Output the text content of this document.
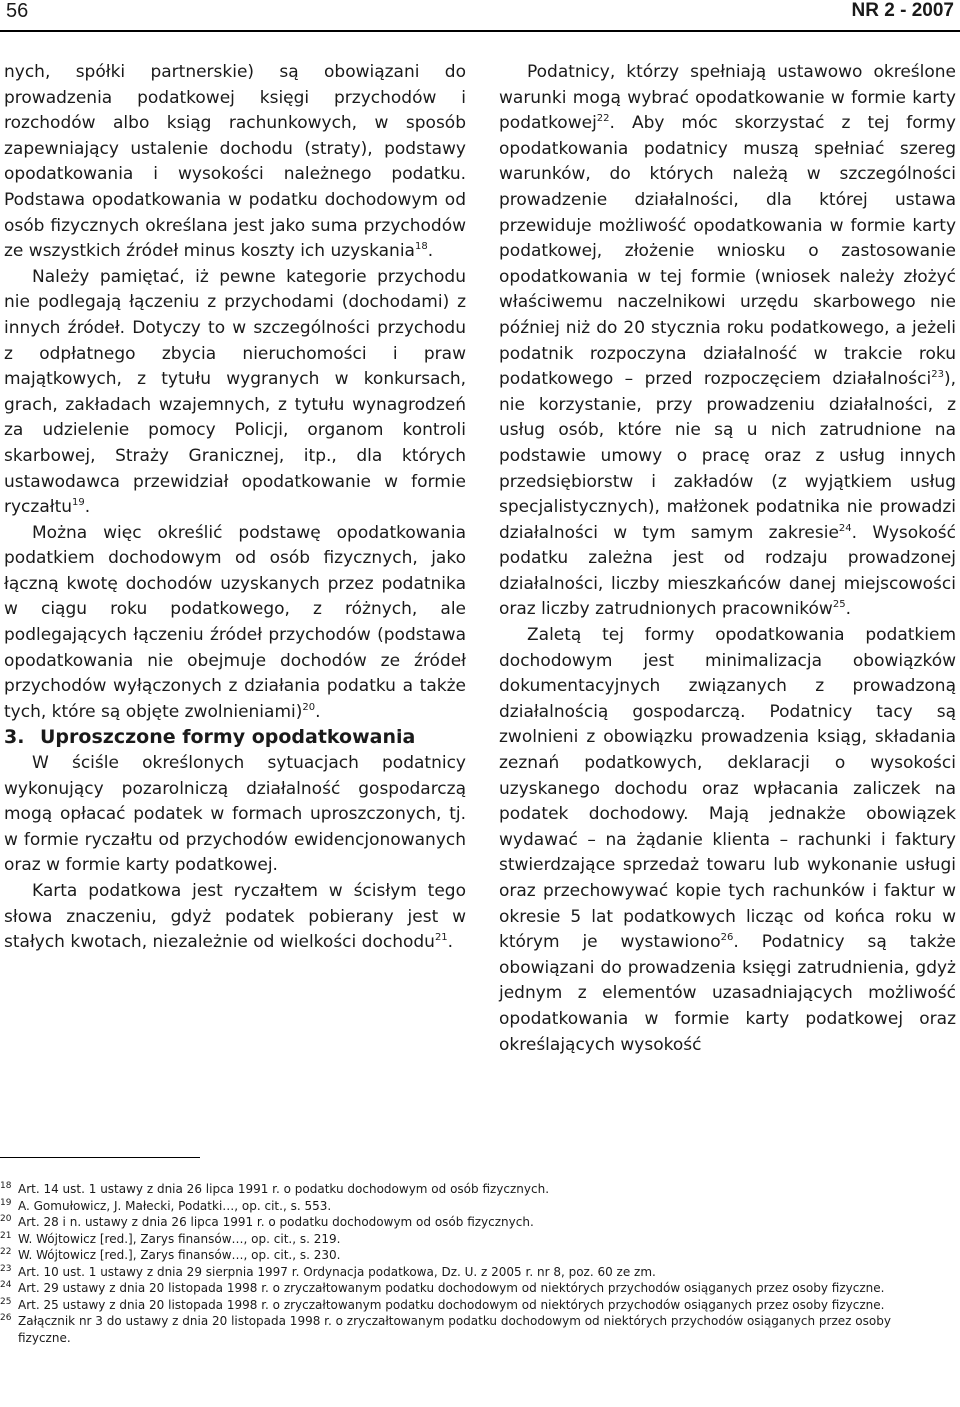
56	NR 2 - 2007

nych, spółki partnerskie) są obowiązani do prowadzenia podatkowej księgi przychodów i rozchodów albo ksiąg rachunkowych, w sposób zapewniający ustalenie dochodu (straty), podstawy opodatkowania i wysokości należnego podatku. Podstawa opodatkowania w podatku dochodowym od osób fizycznych określana jest jako suma przychodów ze wszystkich źródeł minus koszty ich uzyskania$^{18}$.

Należy pamiętać, iż pewne kategorie przychodu nie podlegają łączeniu z przychodami (dochodami) z innych źródeł. Dotyczy to w szczególności przychodu z odpłatnego zbycia nieruchomości i praw majątkowych, z tytułu wygranych w konkursach, grach, zakładach wzajemnych, z tytułu wynagrodzeń za udzielenie pomocy Policji, organom kontroli skarbowej, Straży Granicznej, itp., dla których ustawodawca przewidział opodatkowanie w formie ryczałtu$^{19}$.

Można więc określić podstawę opodatkowania podatkiem dochodowym od osób fizycznych, jako łączną kwotę dochodów uzyskanych przez podatnika w ciągu roku podatkowego, z różnych, ale podlegających łączeniu źródeł przychodów (podstawa opodatkowania nie obejmuje dochodów ze źródeł przychodów wyłączonych z działania podatku a także tych, które są objęte zwolnieniami)$^{20}$.

3. Uproszczone formy opodatkowania

W ściśle określonych sytuacjach podatnicy wykonujący pozarolniczą działalność gospodarczą mogą opłacać podatek w formach uproszczonych, tj. w formie ryczałtu od przychodów ewidencjonowanych oraz w formie karty podatkowej.

Karta podatkowa jest ryczałtem w ścisłym tego słowa znaczeniu, gdyż podatek pobierany jest w stałych kwotach, niezależnie od wielkości dochodu$^{21}$.

Podatnicy, którzy spełniają ustawowo określone warunki mogą wybrać opodatkowanie w formie karty podatkowej$^{22}$. Aby móc skorzystać z tej formy opodatkowania podatnicy muszą spełniać szereg warunków, do których należą w szczególności prowadzenie działalności, dla której ustawa przewiduje możliwość opodatkowania w formie karty podatkowej, złożenie wniosku o zastosowanie opodatkowania w tej formie (wniosek należy złożyć właściwemu naczelnikowi urzędu skarbowego nie później niż do 20 stycznia roku podatkowego, a jeżeli podatnik rozpoczyna działalność w trakcie roku podatkowego – przed rozpoczęciem działalności$^{23}$), nie korzystanie, przy prowadzeniu działalności, z usług osób, które nie są u nich zatrudnione na podstawie umowy o pracę oraz z usług innych przedsiębiorstw i zakładów (z wyjątkiem usług specjalistycznych), małżonek podatnika nie prowadzi działalności w tym samym zakresie$^{24}$. Wysokość podatku zależna jest od rodzaju prowadzonej działalności, liczby mieszkańców danej miejscowości oraz liczby zatrudnionych pracowników$^{25}$.

Zaletą tej formy opodatkowania podatkiem dochodowym jest minimalizacja obowiązków dokumentacyjnych związanych z prowadzoną działalnością gospodarczą. Podatnicy tacy są zwolnieni z obowiązku prowadzenia ksiąg, składania zeznań podatkowych, deklaracji o wysokości uzyskanego dochodu oraz wpłacania zaliczek na podatek dochodowy. Mają jednakże obowiązek wydawać – na żądanie klienta – rachunki i faktury stwierdzające sprzedaż towaru lub wykonanie usługi oraz przechowywać kopie tych rachunków i faktur w okresie 5 lat podatkowych licząc od końca roku w którym je wystawiono$^{26}$. Podatnicy są także obowiązani do prowadzenia księgi zatrudnienia, gdyż jednym z elementów uzasadniających możliwość opodatkowania w formie karty podatkowej oraz określających wysokość

18 Art. 14 ust. 1 ustawy z dnia 26 lipca 1991 r. o podatku dochodowym od osób fizycznych.
19 A. Gomułowicz, J. Małecki, Podatki…, op. cit., s. 553.
20 Art. 28 i n. ustawy z dnia 26 lipca 1991 r. o podatku dochodowym od osób fizycznych.
21 W. Wójtowicz [red.], Zarys finansów…, op. cit., s. 219.
22 W. Wójtowicz [red.], Zarys finansów…, op. cit., s. 230.
23 Art. 10 ust. 1 ustawy z dnia 29 sierpnia 1997 r. Ordynacja podatkowa, Dz. U. z 2005 r. nr 8, poz. 60 ze zm.
24 Art. 29 ustawy z dnia 20 listopada 1998 r. o zryczałtowanym podatku dochodowym od niektórych przychodów osiąganych przez osoby fizyczne.
25 Art. 25 ustawy z dnia 20 listopada 1998 r. o zryczałtowanym podatku dochodowym od niektórych przychodów osiąganych przez osoby fizyczne.
26 Załącznik nr 3 do ustawy z dnia 20 listopada 1998 r. o zryczałtowanym podatku dochodowym od niektórych przychodów osiąganych przez osoby fizyczne.
